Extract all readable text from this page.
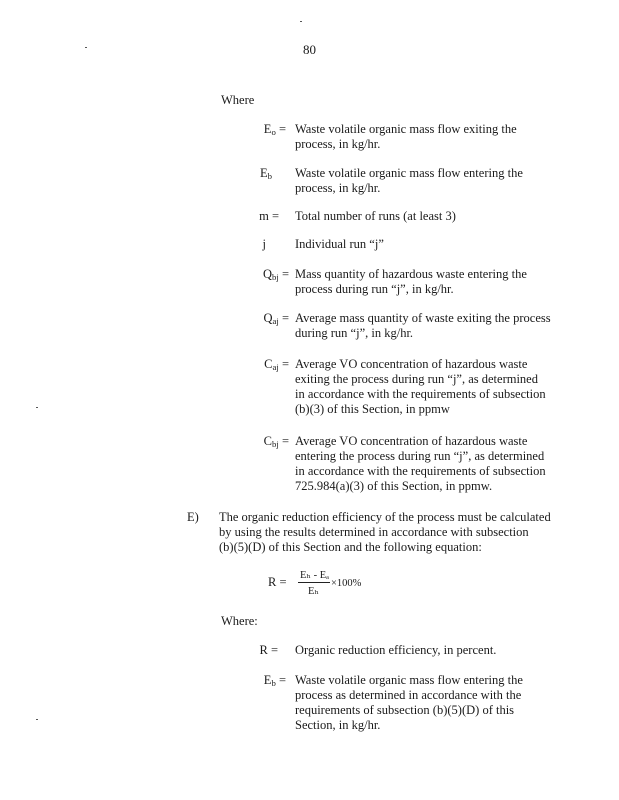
80
Where
$E_o$ = Waste volatile organic mass flow exiting the
process, in kg/hr.
$E_b$ Waste volatile organic mass flow entering the
process, in kg/hr.
m = Total number of runs (at least 3)
j Individual run “j”
$Q_{bj}$ = Mass quantity of hazardous waste entering the
process during run “j”, in kg/hr.
$Q_{aj}$ = Average mass quantity of waste exiting the process
during run “j”, in kg/hr.
$C_{aj}$ = Average VO concentration of hazardous waste
exiting the process during run “j”, as determined
in accordance with the requirements of subsection
(b)(3) of this Section, in ppmw
$C_{bj}$ = Average VO concentration of hazardous waste
entering the process during run “j”, as determined
in accordance with the requirements of subsection
725.984(a)(3) of this Section, in ppmw.
E) The organic reduction efficiency of the process must be calculated
by using the results determined in accordance with subsection
(b)(5)(D) of this Section and the following equation:
R = Eₕ - Eₐ
Eₕ
×100%
Where:
R = Organic reduction efficiency, in percent.
$E_b$ = Waste volatile organic mass flow entering the
process as determined in accordance with the
requirements of subsection (b)(5)(D) of this
Section, in kg/hr.
